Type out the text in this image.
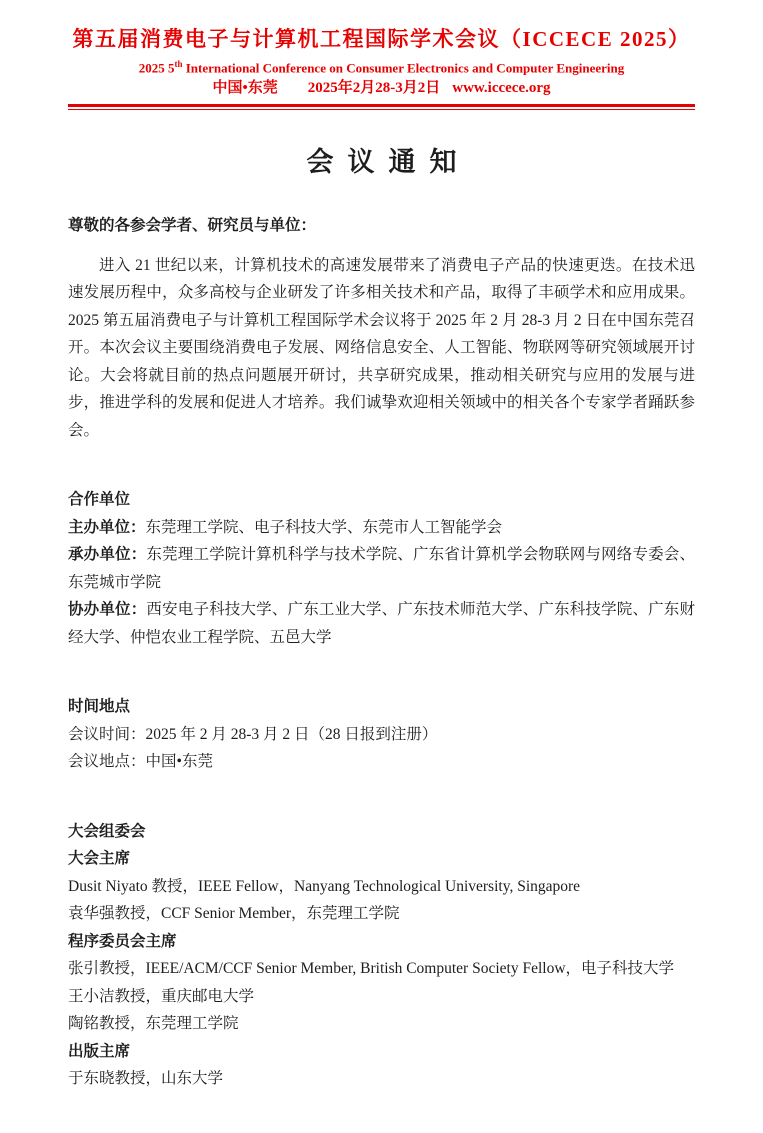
第五届消费电子与计算机工程国际学术会议（ICCECE 2025）
2025 5th International Conference on Consumer Electronics and Computer Engineering
中国•东莞 2025年2月28-3月2日 www.iccece.org
会议通知

尊敬的各参会学者、研究员与单位：

进入 21 世纪以来，计算机技术的高速发展带来了消费电子产品的快速更迭。在技术迅速发展历程中，众多高校与企业研发了许多相关技术和产品，取得了丰硕学术和应用成果。2025 第五届消费电子与计算机工程国际学术会议将于 2025 年 2 月 28-3 月 2 日在中国东莞召开。本次会议主要围绕消费电子发展、网络信息安全、人工智能、物联网等研究领域展开讨论。大会将就目前的热点问题展开研讨，共享研究成果，推动相关研究与应用的发展与进步，推进学科的发展和促进人才培养。我们诚挚欢迎相关领域中的相关各个专家学者踊跃参会。

合作单位

主办单位：东莞理工学院、电子科技大学、东莞市人工智能学会

承办单位：东莞理工学院计算机科学与技术学院、广东省计算机学会物联网与网络专委会、东莞城市学院

协办单位：西安电子科技大学、广东工业大学、广东技术师范大学、广东科技学院、广东财经大学、仲恺农业工程学院、五邑大学

时间地点

会议时间：2025 年 2 月 28-3 月 2 日（28 日报到注册）

会议地点：中国•东莞

大会组委会
大会主席

Dusit Niyato 教授，IEEE Fellow，Nanyang Technological University, Singapore

袁华强教授，CCF Senior Member，东莞理工学院

程序委员会主席

张引教授，IEEE/ACM/CCF Senior Member, British Computer Society Fellow，电子科技大学

王小洁教授，重庆邮电大学

陶铭教授，东莞理工学院

出版主席

于东晓教授，山东大学
